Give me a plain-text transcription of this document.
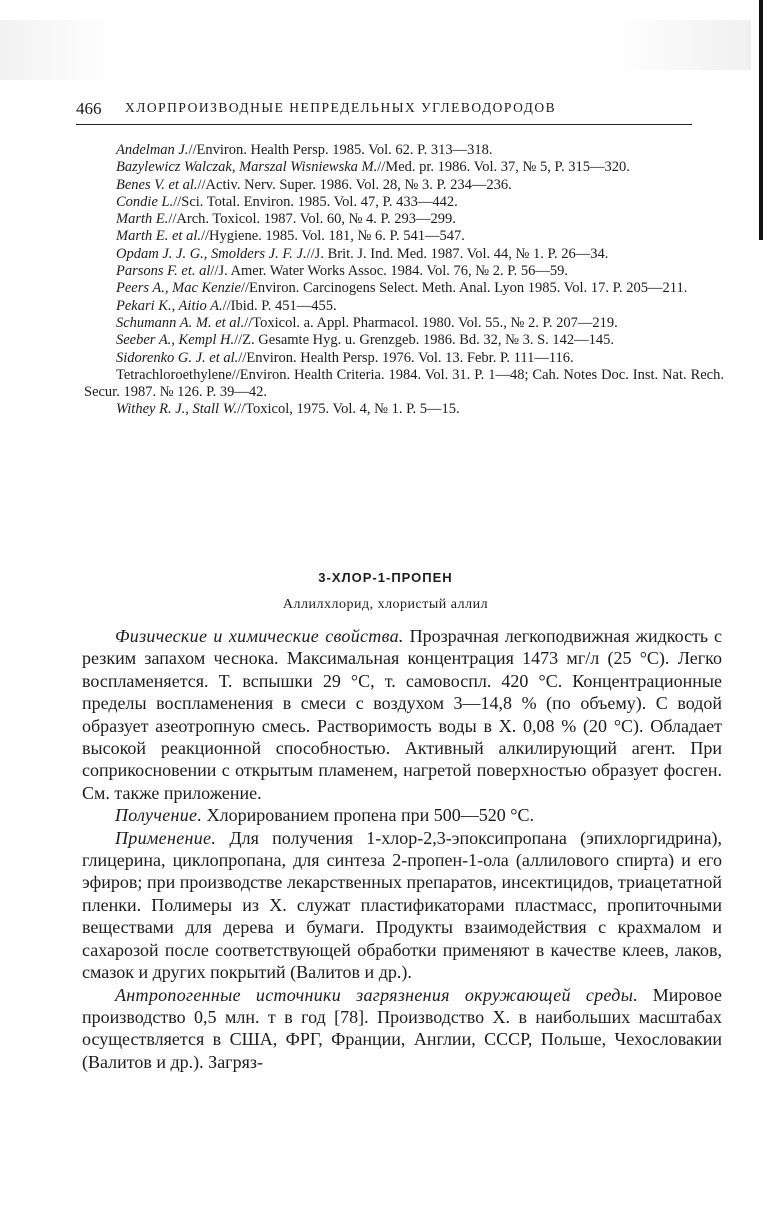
466 ХЛОРПРОИЗВОДНЫЕ НЕПРЕДЕЛЬНЫХ УГЛЕВОДОРОДОВ
Andelman J.//Environ. Health Persp. 1985. Vol. 62. P. 313—318.
Bazylewicz Walczak, Marszal Wisniewska M.//Med. pr. 1986. Vol. 37, № 5, P. 315—320.
Benes V. et al.//Activ. Nerv. Super. 1986. Vol. 28, № 3. P. 234—236.
Condie L.//Sci. Total. Environ. 1985. Vol. 47, P. 433—442.
Marth E.//Arch. Toxicol. 1987. Vol. 60, № 4. P. 293—299.
Marth E. et al.//Hygiene. 1985. Vol. 181, № 6. P. 541—547.
Opdam J. J. G., Smolders J. F. J.//J. Brit. J. Ind. Med. 1987. Vol. 44, № 1. P. 26—34.
Parsons F. et. al//J. Amer. Water Works Assoc. 1984. Vol. 76, № 2. P. 56—59.
Peers A., Mac Kenzie//Environ. Carcinogens Select. Meth. Anal. Lyon 1985. Vol. 17. P. 205—211.
Pekari K., Aitio A.//Ibid. P. 451—455.
Schumann A. M. et al.//Toxicol. a. Appl. Pharmacol. 1980. Vol. 55., № 2. P. 207—219.
Seeber A., Kempl H.//Z. Gesamte Hyg. u. Grenzgeb. 1986. Bd. 32, № 3. S. 142—145.
Sidorenko G. J. et al.//Environ. Health Persp. 1976. Vol. 13. Febr. P. 111—116.
Tetrachloroethylene//Environ. Health Criteria. 1984. Vol. 31. P. 1—48; Cah. Notes Doc. Inst. Nat. Rech. Secur. 1987. № 126. P. 39—42.
Withey R. J., Stall W.//Toxicol, 1975. Vol. 4, № 1. P. 5—15.
3-ХЛОР-1-ПРОПЕН
Аллилхлорид, хлористый аллил
Физические и химические свойства. Прозрачная легкоподвижная жидкость с резким запахом чеснока. Максимальная концентрация 1473 мг/л (25 °С). Легко воспламеняется. Т. вспышки 29 °С, т. самовоспл. 420 °С. Концентрационные пределы воспламенения в смеси с воздухом 3—14,8 % (по объему). С водой образует азеотропную смесь. Растворимость воды в X. 0,08 % (20 °С). Обладает высокой реакционной способностью. Активный алкилирующий агент. При соприкосновении с открытым пламенем, нагретой поверхностью образует фосген. См. также приложение.
Получение. Хлорированием пропена при 500—520 °С.
Применение. Для получения 1-хлор-2,3-эпоксипропана (эпихлоргидрина), глицерина, циклопропана, для синтеза 2-пропен-1-ола (аллилового спирта) и его эфиров; при производстве лекарственных препаратов, инсектицидов, триацетатной пленки. Полимеры из X. служат пластификаторами пластмасс, пропиточными веществами для дерева и бумаги. Продукты взаимодействия с крахмалом и сахарозой после соответствующей обработки применяют в качестве клеев, лаков, смазок и других покрытий (Валитов и др.).
Антропогенные источники загрязнения окружающей среды. Мировое производство 0,5 млн. т в год [78]. Производство X. в наибольших масштабах осуществляется в США, ФРГ, Франции, Англии, СССР, Польше, Чехословакии (Валитов и др.). Загряз-
